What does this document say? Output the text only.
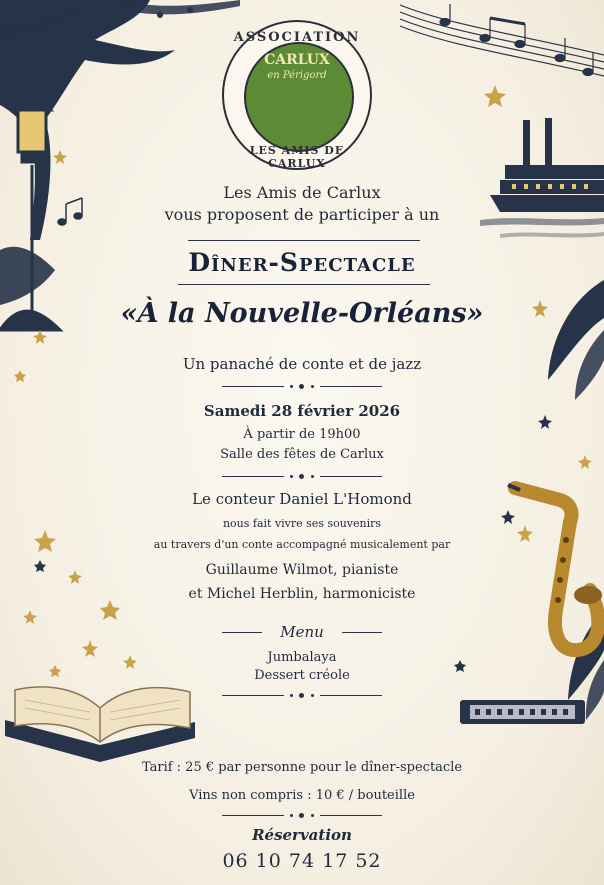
ASSOCIATION
CARLUX
en Périgord
LES AMIS DE CARLUX
Les Amis de Carlux
vous proposent de participer à un
Dîner-Spectacle
«À la Nouvelle-Orléans»
Un panaché de conte et de jazz
Samedi 28 février 2026
À partir de 19h00
Salle des fêtes de Carlux
Le conteur Daniel L'Homond
nous fait vivre ses souvenirs
au travers d'un conte accompagné musicalement par
Guillaume Wilmot, pianiste
et Michel Herblin, harmoniciste
Menu
Jumbalaya
Dessert créole
Tarif : 25 € par personne pour le dîner-spectacle
Vins non compris : 10 € / bouteille
Réservation
06 10 74 17 52
